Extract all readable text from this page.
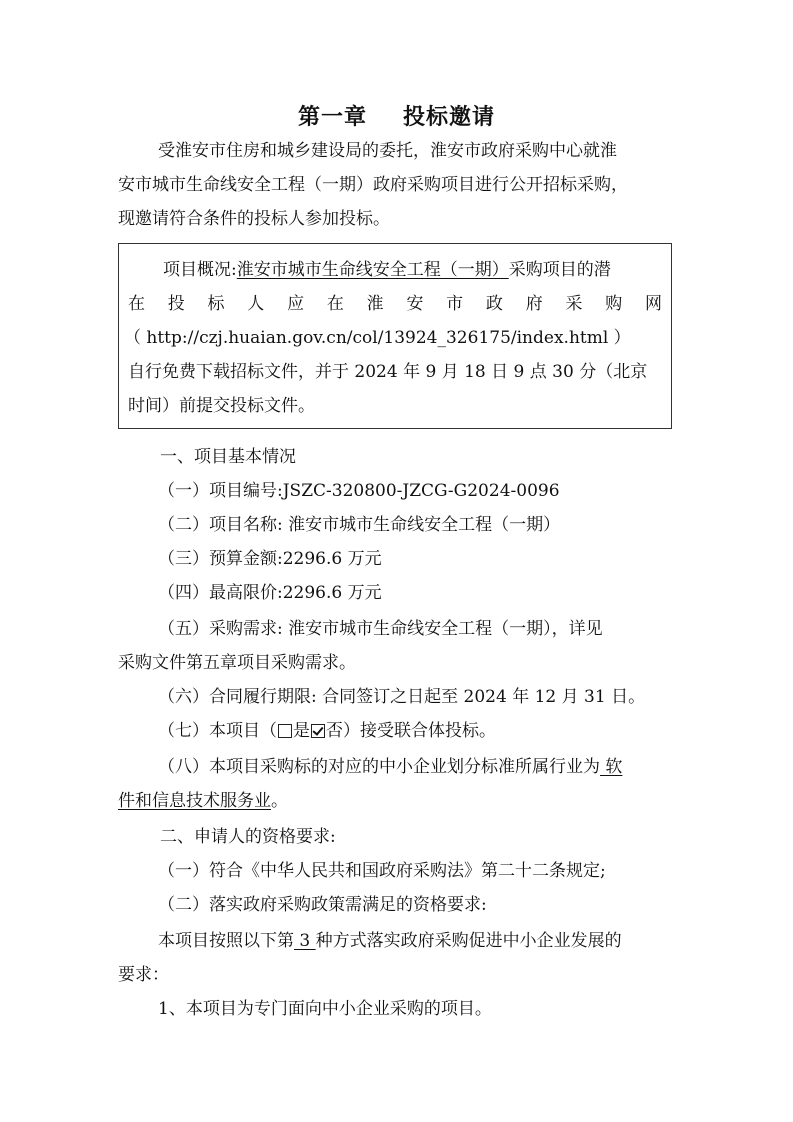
第一章 投标邀请
受淮安市住房和城乡建设局的委托，淮安市政府采购中心就淮
安市城市生命线安全工程（一期）政府采购项目进行公开招标采购，
现邀请符合条件的投标人参加投标。
项目概况:淮安市城市生命线安全工程（一期）采购项目的潜
在投标人应在淮安市政府采购网
（ http://czj.huaian.gov.cn/col/13924_326175/index.html ）
自行免费下载招标文件，并于 2024 年 9 月 18 日 9 点 30 分（北京
时间）前提交投标文件。
一、项目基本情况
（一）项目编号:JSZC-320800-JZCG-G2024-0096
（二）项目名称: 淮安市城市生命线安全工程（一期）
（三）预算金额:2296.6 万元
（四）最高限价:2296.6 万元
（五）采购需求: 淮安市城市生命线安全工程（一期），详见
采购文件第五章项目采购需求。
（六）合同履行期限: 合同签订之日起至 2024 年 12 月 31 日。
（七）本项目（ 是 否）接受联合体投标。
（八）本项目采购标的对应的中小企业划分标准所属行业为 软
件和信息技术服务业。
二、申请人的资格要求:
（一）符合《中华人民共和国政府采购法》第二十二条规定;
（二）落实政府采购政策需满足的资格要求:
本项目按照以下第 3 种方式落实政府采购促进中小企业发展的
要求：
1、本项目为专门面向中小企业采购的项目。
